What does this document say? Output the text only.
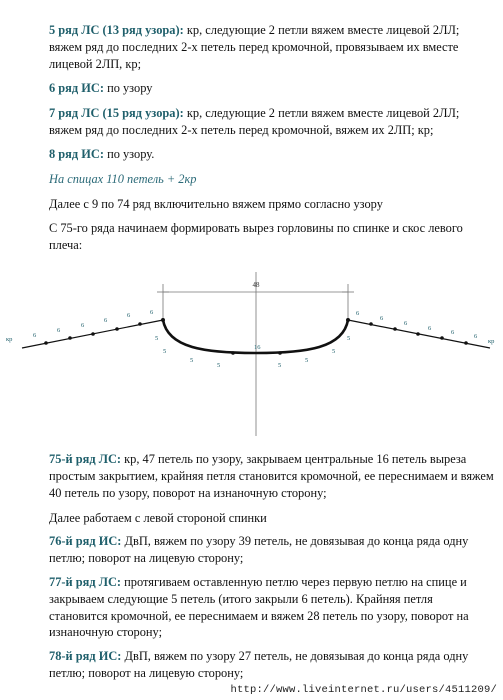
5 ряд ЛС (13 ряд узора): кр, следующие 2 петли вяжем вместе лицевой 2ЛЛ; вяжем ряд до последних 2-х петель перед кромочной, провязываем их вместе лицевой 2ЛП, кр;

6 ряд ИС: по узору

7 ряд ЛС (15 ряд узора): кр, следующие 2 петли вяжем вместе лицевой 2ЛЛ; вяжем ряд до последних 2-х петель перед кромочной, вяжем их 2ЛП; кр;

8 ряд ИС: по узору.

На спицах 110 петель + 2кр

Далее с 9 по 74 ряд включительно вяжем прямо согласно узору

С 75-го ряда начинаем формировать вырез горловины по спинке и скос левого плеча:

48
кр	кр
6
6
6
6
6	6	6
6
6
6
6
6
5
5
5
5
16
5
5
5
5

75-й ряд ЛС: кр, 47 петель по узору, закрываем центральные 16 петель выреза простым закрытием, крайняя петля становится кромочной, ее переснимаем и вяжем 40 петель по узору, поворот на изнаночную сторону;

Далее работаем с левой стороной спинки

76-й ряд ИС: ДвП, вяжем по узору 39 петель, не довязывая до конца ряда одну петлю; поворот на лицевую сторону;

77-й ряд ЛС: протягиваем оставленную петлю через первую петлю на спице и закрываем следующие 5 петель (итого закрыли 6 петель). Крайняя петля становится кромочной, ее переснимаем и вяжем 28 петель по узору, поворот на изнаночную сторону;

78-й ряд ИС: ДвП, вяжем по узору 27 петель, не довязывая до конца ряда одну петлю; поворот на лицевую сторону;

http://www.liveinternet.ru/users/4511209/
